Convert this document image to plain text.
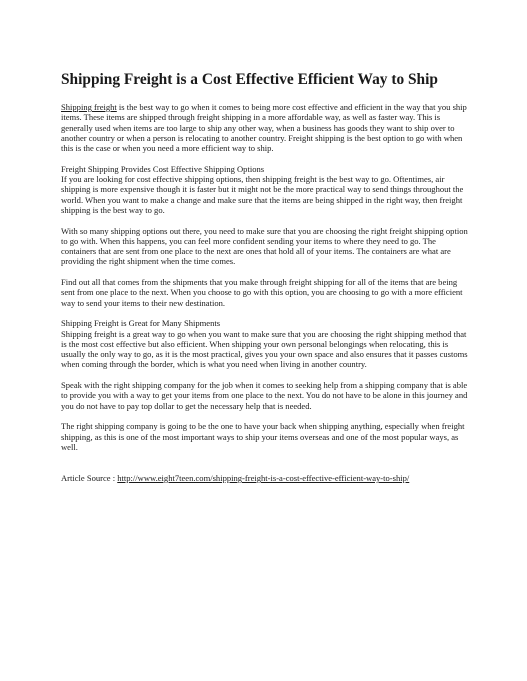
Shipping Freight is a Cost Effective Efficient Way to Ship

Shipping freight is the best way to go when it comes to being more cost effective and efficient in the way that you ship items. These items are shipped through freight shipping in a more affordable way, as well as faster way. This is generally used when items are too large to ship any other way, when a business has goods they want to ship over to another country or when a person is relocating to another country. Freight shipping is the best option to go with when this is the case or when you need a more efficient way to ship.

Freight Shipping Provides Cost Effective Shipping Options
If you are looking for cost effective shipping options, then shipping freight is the best way to go. Oftentimes, air shipping is more expensive though it is faster but it might not be the more practical way to send things throughout the world. When you want to make a change and make sure that the items are being shipped in the right way, then freight shipping is the best way to go.

With so many shipping options out there, you need to make sure that you are choosing the right freight shipping option to go with. When this happens, you can feel more confident sending your items to where they need to go. The containers that are sent from one place to the next are ones that hold all of your items. The containers are what are providing the right shipment when the time comes.

Find out all that comes from the shipments that you make through freight shipping for all of the items that are being sent from one place to the next. When you choose to go with this option, you are choosing to go with a more efficient way to send your items to their new destination.

Shipping Freight is Great for Many Shipments
Shipping freight is a great way to go when you want to make sure that you are choosing the right shipping method that is the most cost effective but also efficient. When shipping your own personal belongings when relocating, this is usually the only way to go, as it is the most practical, gives you your own space and also ensures that it passes customs when coming through the border, which is what you need when living in another country.

Speak with the right shipping company for the job when it comes to seeking help from a shipping company that is able to provide you with a way to get your items from one place to the next. You do not have to be alone in this journey and you do not have to pay top dollar to get the necessary help that is needed.

The right shipping company is going to be the one to have your back when shipping anything, especially when freight shipping, as this is one of the most important ways to ship your items overseas and one of the most popular ways, as well.

Article Source : http://www.eight7teen.com/shipping-freight-is-a-cost-effective-efficient-way-to-ship/
